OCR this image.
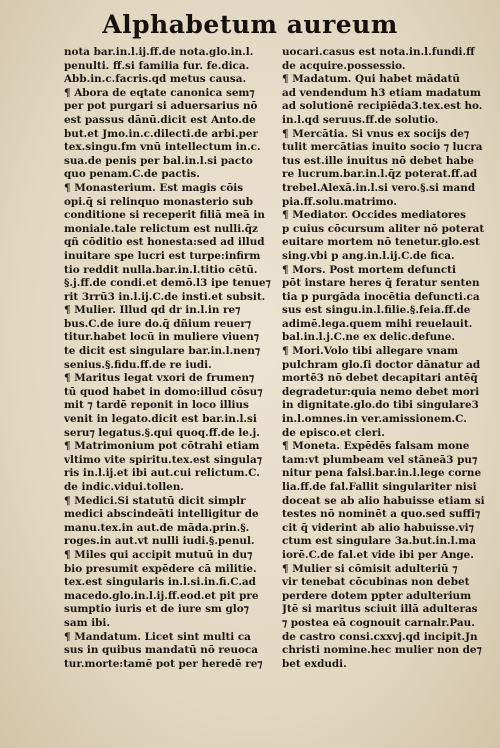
Alphabetum aureum
nota bar.in.l.ij.ff.de nota.glo.in.l.
penulti. ff.si familia fur. fe.dica.
Abb.in.c.facris.qd metus causa.
¶ Abora de eqtate canonica sem⁊
per pot purgari si aduersarius nō
est passus dānū.dicit est Anto.de
but.et Jmo.in.c.dilecti.de arbi.per
tex.singu.fm vnū intellectum in.c.
sua.de penis per bal.in.l.si pacto
quo penam.C.de pactis.
¶ Monasterium. Est magis cōis
opi.q̄ si relinquo monasterio sub
conditione si receperit filiā meā in
moniale.tale relictum est nulli.q̄z
qñ cōditio est honesta:sed ad illud
inuitare spe lucri est turpe:infirm
tio reddit nulla.bar.in.l.titio cētū.
§.j.ff.de condi.et demō.l3 ipe tenue⁊
rit 3rrū3 in.l.ij.C.de insti.et subsit.
¶ Mulier. Illud qd dr in.l.in re⁊
bus.C.de iure do.q̄ dñium reuer⁊
titur.habet locū in muliere viuen⁊
te dicit est singulare bar.in.l.nen⁊
senius.§.fidu.ff.de re iudi.
¶ Maritus legat vxori de frumen⁊
tū quod habet in domo:illud cōsu⁊
mit ⁊ tardē reponit in loco illius
venit in legato.dicit est bar.in.l.si
seru⁊ legatus.§.qui quoq.ff.de le.j.
¶ Matrimonium pot cōtrahi etiam
vltimo vite spiritu.tex.est singula⁊
ris in.l.ij.et ibi aut.cui relictum.C.
de indic.vidui.tollen.
¶ Medici.Si statutū dicit simplr
medici abscindeāti intelligitur de
manu.tex.in aut.de māda.prin.§.
roges.in aut.vt nulli iudi.§.penul.
¶ Miles qui accipit mutuū in du⁊
bio presumit expēdere cā militie.
tex.est singularis in.l.si.in.fi.C.ad
macedo.glo.in.l.ij.ff.eod.et pit pre
sumptio iuris et de iure sm glo⁊
sam ibi.
¶ Mandatum. Licet sint multi ca
sus in quibus mandatū nō reuoca
tur.morte:tamē pot per heredē re⁊
uocari.casus est nota.in.l.fundi.ff
de acquire.possessio.
¶ Madatum. Qui habet mādatū
ad vendendum h3 etiam madatum
ad solutionē recipiēda3.tex.est ho.
in.l.qd seruus.ff.de solutio.
¶ Mercātia. Si vnus ex socijs de⁊
tulit mercātias inuito socio ⁊ lucra
tus est.ille inuitus nō debet habe
re lucrum.bar.in.l.q̄z poterat.ff.ad
trebel.Alexā.in.l.si vero.§.si mand
pia.ff.solu.matrimo.
¶ Mediator. Occides mediatores
p cuius cōcursum aliter nō poterat
euitare mortem nō tenetur.glo.est
sing.vbi p ang.in.l.ij.C.de fica.
¶ Mors. Post mortem defuncti
pōt instare heres q̄ feratur senten
tia p purgāda inocētia defuncti.ca
sus est singu.in.l.filie.§.feia.ff.de
adimē.lega.quem mihi reuelauit.
bal.in.l.j.C.ne ex delic.defune.
¶ Mori.Volo tibi allegare vnam
pulchram glo.ſi doctor dānatur ad
mortē3 nō debet decapitari antēq̄
degradetur:quia nemo debet mori
in dignitate.glo.do tibi singulare3
in.l.omnes.in ver.amissionem.C.
de episco.et cleri.
¶ Moneta. Expēdēs falsam mone
tam:vt plumbeam vel stāneā3 pu⁊
nitur pena falsi.bar.in.l.lege corne
lia.ff.de fal.Fallit singulariter nisi
doceat se ab alio habuisse etiam si
testes nō nominēt a quo.sed suffi⁊
cit q̄ viderint ab alio habuisse.vi⁊
ctum est singulare 3a.but.in.l.ma
iorē.C.de fal.et vide ibi per Ange.
¶ Mulier si cōmisit adulteriū ⁊
vir tenebat cōcubinas non debet
perdere dotem ppter adulterium
Jtē si maritus sciuit illā adulteras
⁊ postea eā cognouit carnalr.Pau.
de castro consi.cxxvj.qd incipit.Jn
christi nomine.hec mulier non de⁊
bet exdudi.
